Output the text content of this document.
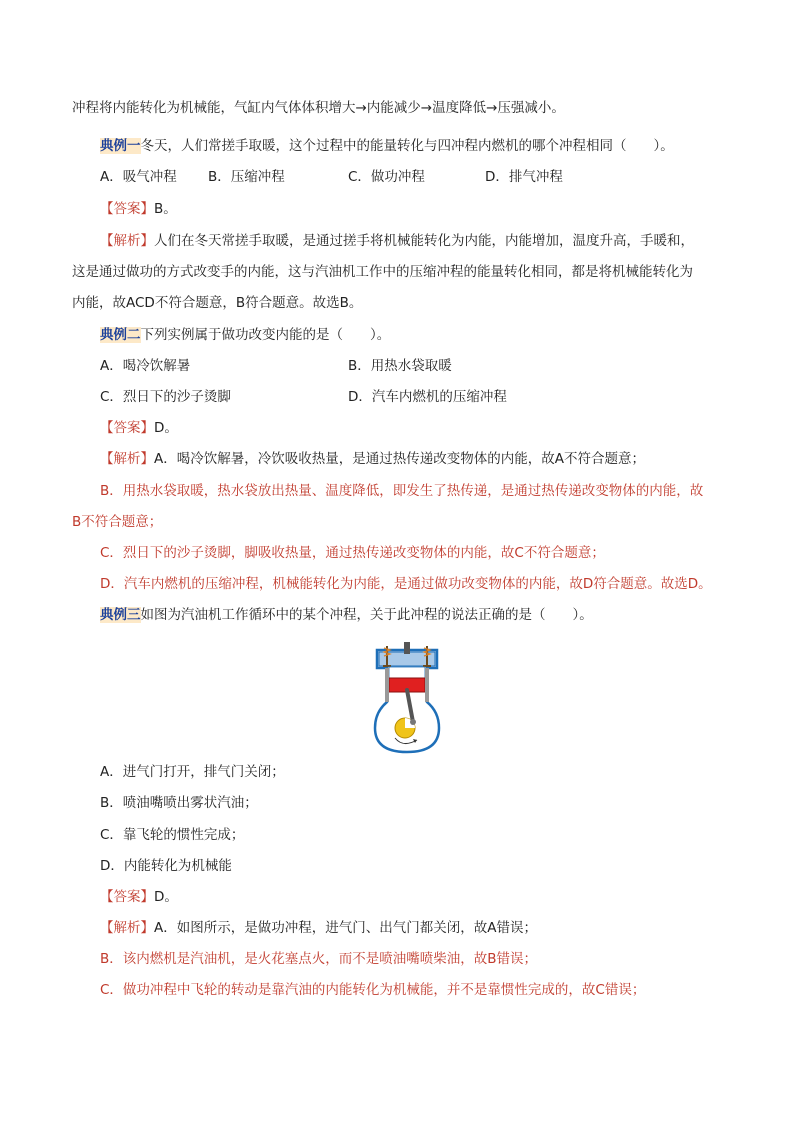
冲程将内能转化为机械能，气缸内气体体积增大→内能减少→温度降低→压强减小。
典例一冬天，人们常搓手取暖，这个过程中的能量转化与四冲程内燃机的哪个冲程相同（　　）。
A．吸气冲程 B．压缩冲程	C．做功冲程	D．排气冲程
【答案】B。
【解析】人们在冬天常搓手取暖，是通过搓手将机械能转化为内能，内能增加，温度升高，手暖和，
这是通过做功的方式改变手的内能，这与汽油机工作中的压缩冲程的能量转化相同，都是将机械能转化为
内能，故ACD不符合题意，B符合题意。故选B。
典例二下列实例属于做功改变内能的是（　　）。
A．喝冷饮解暑	B．用热水袋取暖
C．烈日下的沙子烫脚	D．汽车内燃机的压缩冲程
【答案】D。
【解析】A．喝冷饮解暑，冷饮吸收热量，是通过热传递改变物体的内能，故A不符合题意；
B．用热水袋取暖，热水袋放出热量、温度降低，即发生了热传递，是通过热传递改变物体的内能，故
B不符合题意；
C．烈日下的沙子烫脚，脚吸收热量，通过热传递改变物体的内能，故C不符合题意；
D．汽车内燃机的压缩冲程，机械能转化为内能，是通过做功改变物体的内能，故D符合题意。故选D。
典例三如图为汽油机工作循环中的某个冲程，关于此冲程的说法正确的是（　　）。
A．进气门打开，排气门关闭；
B．喷油嘴喷出雾状汽油；
C．靠飞轮的惯性完成；
D．内能转化为机械能
【答案】D。
【解析】A．如图所示，是做功冲程，进气门、出气门都关闭，故A错误；
B．该内燃机是汽油机，是火花塞点火，而不是喷油嘴喷柴油，故B错误；
C．做功冲程中飞轮的转动是靠汽油的内能转化为机械能，并不是靠惯性完成的，故C错误；
